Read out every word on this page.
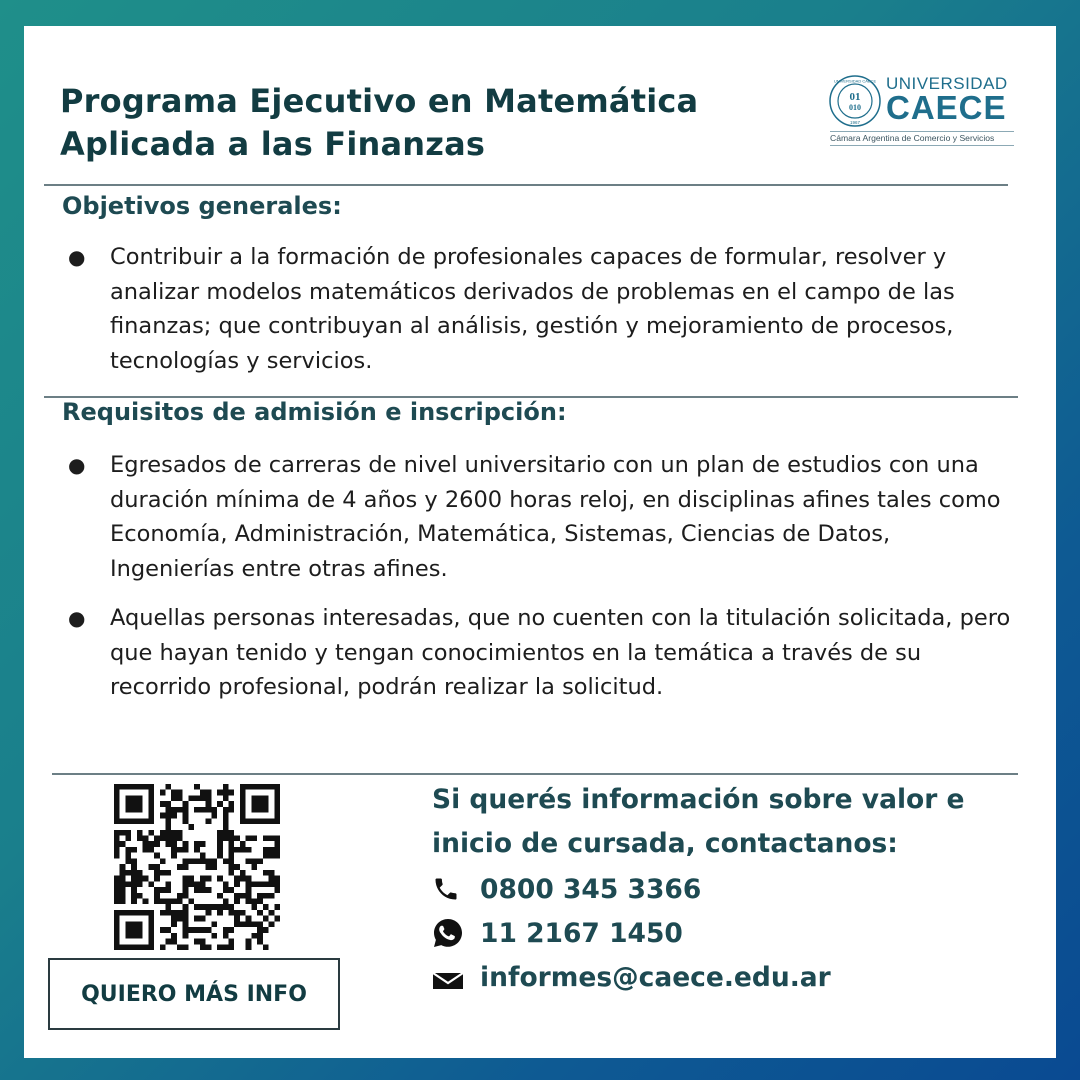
Programa Ejecutivo en Matemática
Aplicada a las Finanzas
01
010
UNIVERSIDAD CAECE
1967
UNIVERSIDAD
CAECE
Cámara Argentina de Comercio y Servicios
Objetivos generales:
●	Contribuir a la formación de profesionales capaces de formular, resolver y analizar modelos matemáticos derivados de problemas en el campo de las finanzas; que contribuyan al análisis, gestión y mejoramiento de procesos, tecnologías y servicios.
Requisitos de admisión e inscripción:
●	Egresados de carreras de nivel universitario con un plan de estudios con una duración mínima de 4 años y 2600 horas reloj, en disciplinas afines tales como Economía, Administración, Matemática, Sistemas, Ciencias de Datos, Ingenierías entre otras afines.
●	Aquellas personas interesadas, que no cuenten con la titulación solicitada, pero que hayan tenido y tengan conocimientos en la temática a través de su recorrido profesional, podrán realizar la solicitud.
QUIERO MÁS INFO
Si querés información sobre valor e
inicio de cursada, contactanos:
0800 345 3366
11 2167 1450
informes@caece.edu.ar
